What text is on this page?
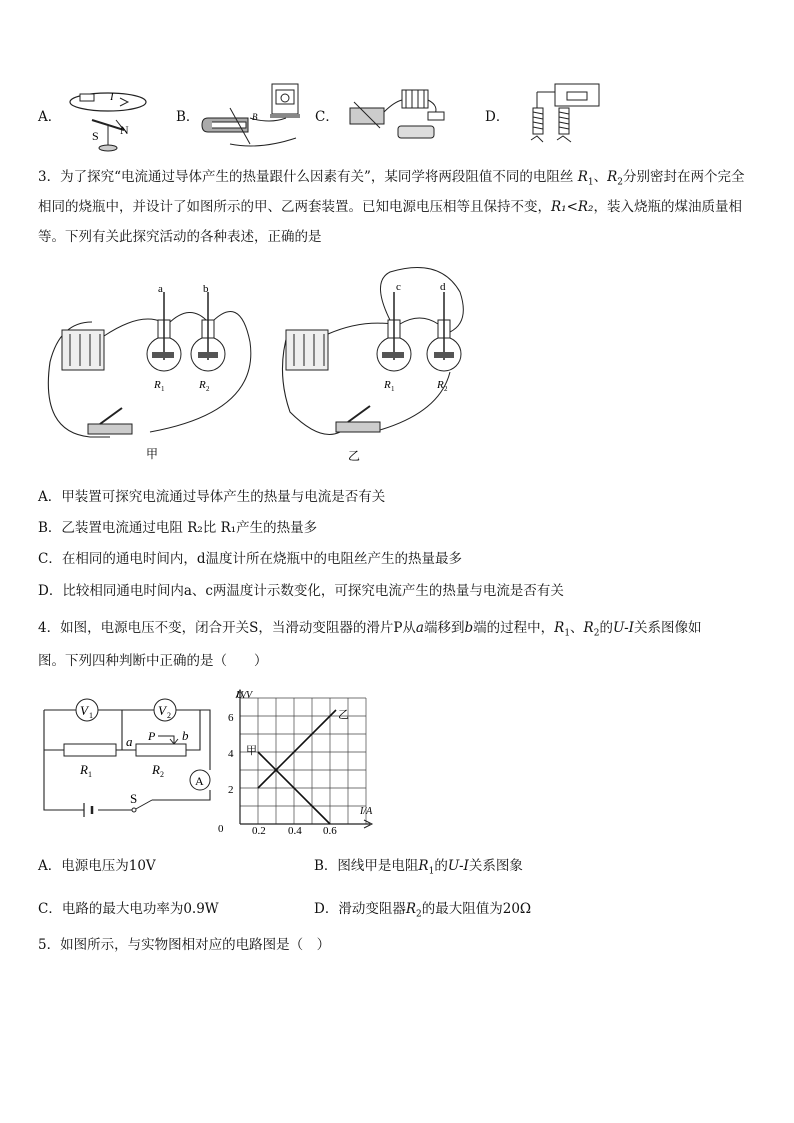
A．	B．	C．	D．
I
S N
B
3．为了探究“电流通过导体产生的热量跟什么因素有关”，某同学将两段阻值不同的电阻丝 $R_1$、$R_2$分别密封在两个完全
相同的烧瓶中，并设计了如图所示的甲、乙两套装置。已知电源电压相等且保持不变，R₁<R₂，装入烧瓶的煤油质量相
等。下列有关此探究活动的各种表述，正确的是
a	b
R 1	R 2
甲
c	d
R 1	R 2
乙
A．甲装置可探究电流通过导体产生的热量与电流是否有关
B．乙装置电流通过电阻 R₂比 R₁产生的热量多
C．在相同的通电时间内，d温度计所在烧瓶中的电阻丝产生的热量最多
D．比较相同通电时间内a、c两温度计示数变化，可探究电流产生的热量与电流是否有关
4．如图，电源电压不变，闭合开关S，当滑动变阻器的滑片P从a端移到b端的过程中，$R_1$、$R_2$的U-I关系图像如
图。下列四种判断中正确的是（　　）
V 1	V 2
A
a	b
P
R 1	R 2
S
U/V
I/A
0
2
4
6
0.2 0.4 0.6
甲
乙
A．电源电压为10V	B．图线甲是电阻$R_1$的U-I关系图象
C．电路的最大电功率为0.9W	D．滑动变阻器$R_2$的最大阻值为20Ω
5．如图所示，与实物图相对应的电路图是（　）
